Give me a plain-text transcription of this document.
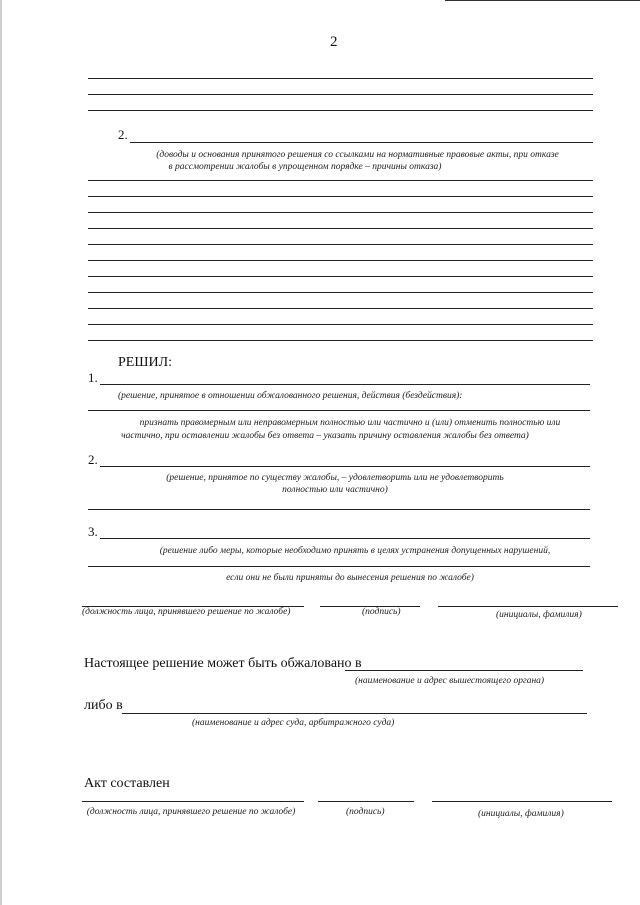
2
2.
(доводы и основания принятого решения со ссылками на нормативные правовые акты, при отказе
в рассмотрении жалобы в упрощенном порядке – причины отказа)
РЕШИЛ:
1.
(решение, принятое в отношении обжалованного решения, действия (бездействия):
признать правомерным или неправомерным полностью или частично и (или) отменить полностью или
частично, при оставлении жалобы без ответа – указать причину оставления жалобы без ответа)
2.
(решение, принятое по существу жалобы, – удовлетворить или не удовлетворить
полностью или частично)
3.
(решение либо меры, которые необходимо принять в целях устранения допущенных нарушений,
если они не были приняты до вынесения решения по жалобе)
(должность лица, принявшего решение по жалобе)	(подпись)	(инициалы, фамилия)
Настоящее решение может быть обжаловано в
(наименование и адрес вышестоящего органа)
либо в
(наименование и адрес суда, арбитражного суда)
Акт составлен
(должность лица, принявшего решение по жалобе)	(подпись)	(инициалы, фамилия)
